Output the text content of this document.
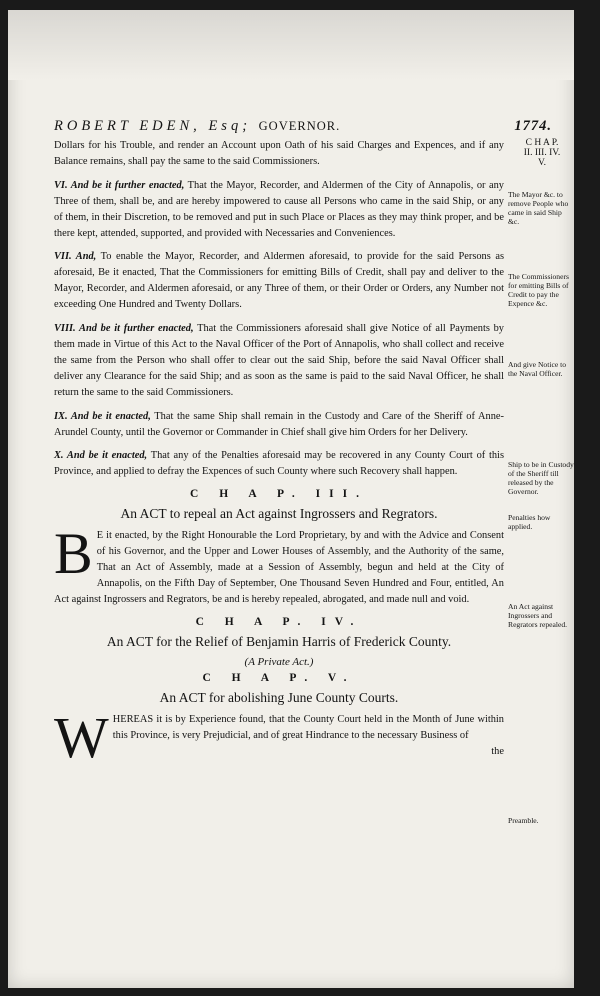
ROBERT EDEN, Esq; GOVERNOR.	1774.

Dollars for his Trouble, and render an Account upon Oath of his said Charges and Expences, and if any Balance remains, shall pay the same to the said Commissioners.

VI. And be it further enacted, That the Mayor, Recorder, and Aldermen of the City of Annapolis, or any Three of them, shall be, and are hereby impowered to cause all Persons who came in the said Ship, or any of them, in their Discretion, to be removed and put in such Place or Places as they may think proper, and be there kept, attended, supported, and provided with Necessaries and Conveniences.

VII. And, To enable the Mayor, Recorder, and Aldermen aforesaid, to provide for the said Persons as aforesaid, Be it enacted, That the Commissioners for emitting Bills of Credit, shall pay and deliver to the Mayor, Recorder, and Aldermen aforesaid, or any Three of them, or their Order or Orders, any Number not exceeding One Hundred and Twenty Dollars.

VIII. And be it further enacted, That the Commissioners aforesaid shall give Notice of all Payments by them made in Virtue of this Act to the Naval Officer of the Port of Annapolis, who shall collect and receive the same from the Person who shall offer to clear out the said Ship, before the said Naval Officer shall deliver any Clearance for the said Ship; and as soon as the same is paid to the said Naval Officer, he shall return the same to the said Commissioners.

IX. And be it enacted, That the same Ship shall remain in the Custody and Care of the Sheriff of Anne-Arundel County, until the Governor or Commander in Chief shall give him Orders for her Delivery.

X. And be it enacted, That any of the Penalties aforesaid may be recovered in any County Court of this Province, and applied to defray the Expences of such County where such Recovery shall happen.

C H A P. III.
An ACT to repeal an Act against Ingrossers and Regrators.

B E it enacted, by the Right Honourable the Lord Proprietary, by and with the Advice and Consent of his Governor, and the Upper and Lower Houses of Assembly, and the Authority of the same, That an Act of Assembly, made at a Session of Assembly, begun and held at the City of Annapolis, on the Fifth Day of September, One Thousand Seven Hundred and Four, entitled, An Act against Ingrossers and Regrators, be and is hereby repealed, abrogated, and made null and void.

C H A P. IV.
An ACT for the Relief of Benjamin Harris of Frederick County.
(A Private Act.)
C H A P. V.
An ACT for abolishing June County Courts.

WHEREAS it is by Experience found, that the County Court held in the Month of June within this Province, is very Prejudicial, and of great Hindrance to the necessary Business of

the
C H A P.
II. III. IV.
V.
The Mayor &c. to remove People who came in said Ship &c.
The Commissioners for emitting Bills of Credit to pay the Expence &c.
And give Notice to the Naval Officer.
Ship to be in Custody of the Sheriff till released by the Governor.
Penalties how applied.
An Act against Ingrossers and Regrators repealed.
Preamble.
